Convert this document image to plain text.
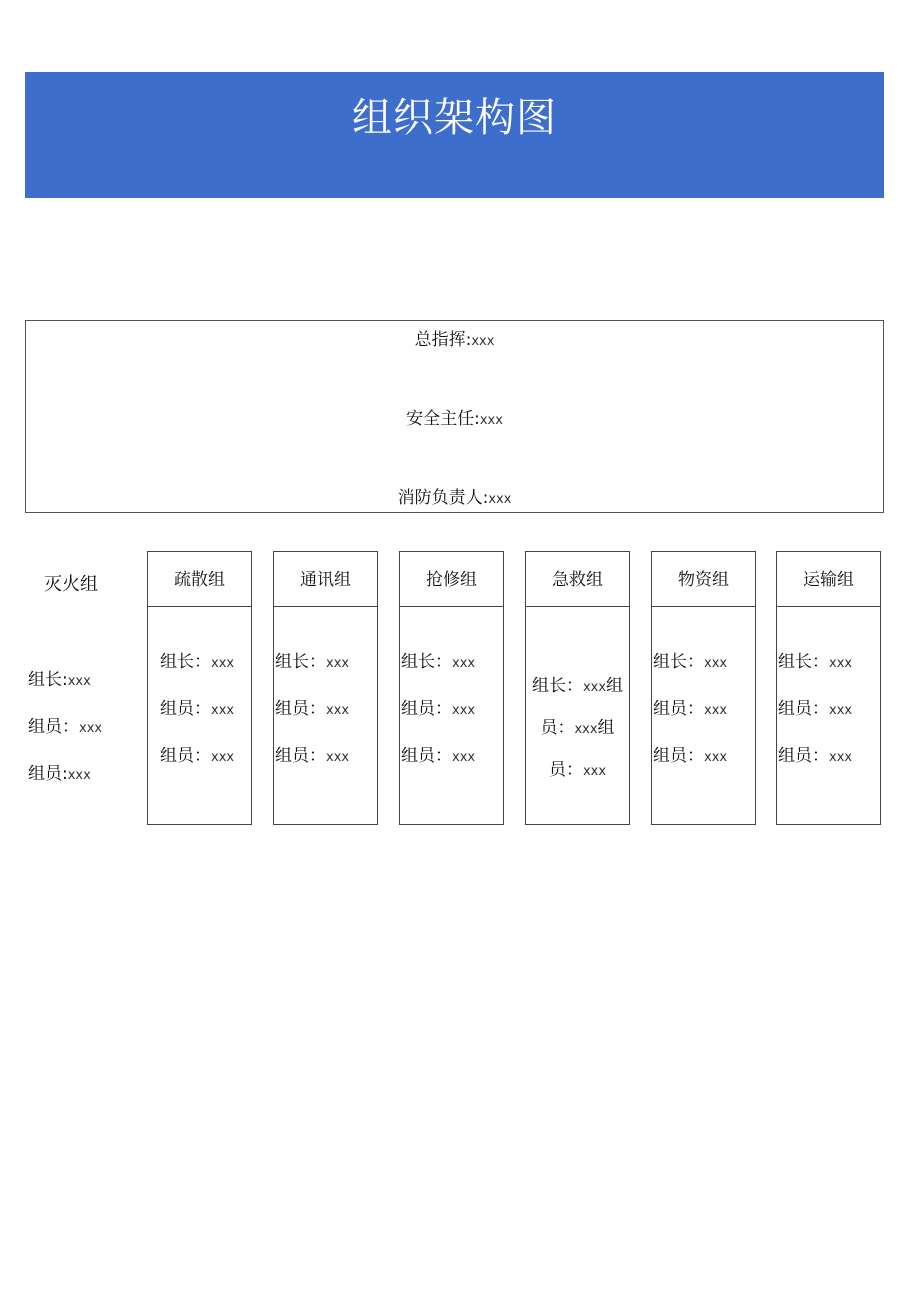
组织架构图
总指挥:xxx
安全主任:xxx
消防负责人:xxx
灭火组
组长:xxx
组员：xxx
组员:xxx
疏散组
组长：xxx
组员：xxx
组员：xxx
通讯组
组长：xxx
组员：xxx
组员：xxx
抢修组
组长：xxx
组员：xxx
组员：xxx
急救组
组长：xxx组
员：xxx组
员：xxx
物资组
组长：xxx
组员：xxx
组员：xxx
运输组
组长：xxx
组员：xxx
组员：xxx
